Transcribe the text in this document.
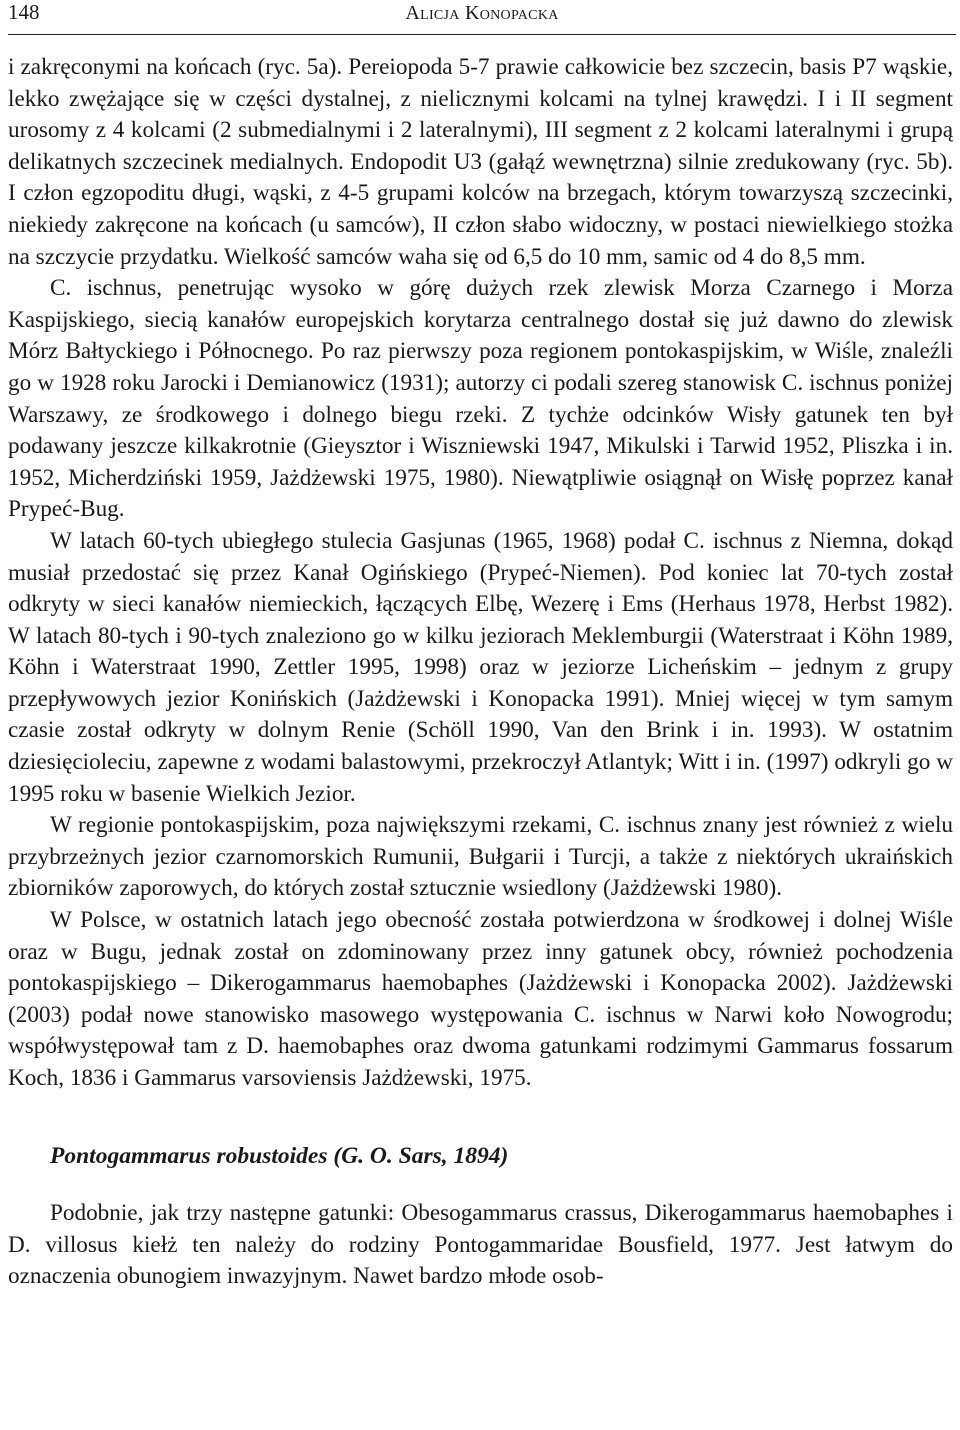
148	Alicja Konopacka

i zakręconymi na końcach (ryc. 5a). Pereiopoda 5-7 prawie całkowicie bez szczecin, basis P7 wąskie, lekko zwężające się w części dystalnej, z nielicznymi kolcami na tylnej krawędzi. I i II segment urosomy z 4 kolcami (2 submedialnymi i 2 lateralnymi), III segment z 2 kolcami lateralnymi i grupą delikatnych szczecinek medialnych. Endopodit U3 (gałąź wewnętrzna) silnie zredukowany (ryc. 5b). I człon egzopoditu długi, wąski, z 4-5 grupami kolców na brzegach, którym towarzyszą szczecinki, niekiedy zakręcone na końcach (u samców), II człon słabo widoczny, w postaci niewielkiego stożka na szczycie przydatku. Wielkość samców waha się od 6,5 do 10 mm, samic od 4 do 8,5 mm.

C. ischnus, penetrując wysoko w górę dużych rzek zlewisk Morza Czarnego i Morza Kaspijskiego, siecią kanałów europejskich korytarza centralnego dostał się już dawno do zlewisk Mórz Bałtyckiego i Północnego. Po raz pierwszy poza regionem pontokaspijskim, w Wiśle, znaleźli go w 1928 roku Jarocki i Demianowicz (1931); autorzy ci podali szereg stanowisk C. ischnus poniżej Warszawy, ze środkowego i dolnego biegu rzeki. Z tychże odcinków Wisły gatunek ten był podawany jeszcze kilkakrotnie (Gieysztor i Wiszniewski 1947, Mikulski i Tarwid 1952, Pliszka i in. 1952, Micherdziński 1959, Jażdżewski 1975, 1980). Niewątpliwie osiągnął on Wisłę poprzez kanał Prypeć-Bug.

W latach 60-tych ubiegłego stulecia Gasjunas (1965, 1968) podał C. ischnus z Niemna, dokąd musiał przedostać się przez Kanał Ogińskiego (Prypeć-Niemen). Pod koniec lat 70-tych został odkryty w sieci kanałów niemieckich, łączących Elbę, Wezerę i Ems (Herhaus 1978, Herbst 1982). W latach 80-tych i 90-tych znaleziono go w kilku jeziorach Meklemburgii (Waterstraat i Köhn 1989, Köhn i Waterstraat 1990, Zettler 1995, 1998) oraz w jeziorze Licheńskim – jednym z grupy przepływowych jezior Konińskich (Jażdżewski i Konopacka 1991). Mniej więcej w tym samym czasie został odkryty w dolnym Renie (Schöll 1990, Van den Brink i in. 1993). W ostatnim dziesięcioleciu, zapewne z wodami balastowymi, przekroczył Atlantyk; Witt i in. (1997) odkryli go w 1995 roku w basenie Wielkich Jezior.

W regionie pontokaspijskim, poza największymi rzekami, C. ischnus znany jest również z wielu przybrzeżnych jezior czarnomorskich Rumunii, Bułgarii i Turcji, a także z niektórych ukraińskich zbiorników zaporowych, do których został sztucznie wsiedlony (Jażdżewski 1980).

W Polsce, w ostatnich latach jego obecność została potwierdzona w środkowej i dolnej Wiśle oraz w Bugu, jednak został on zdominowany przez inny gatunek obcy, również pochodzenia pontokaspijskiego – Dikerogammarus haemobaphes (Jażdżewski i Konopacka 2002). Jażdżewski (2003) podał nowe stanowisko masowego występowania C. ischnus w Narwi koło Nowogrodu; współwystępował tam z D. haemobaphes oraz dwoma gatunkami rodzimymi Gammarus fossarum Koch, 1836 i Gammarus varsoviensis Jażdżewski, 1975.

Pontogammarus robustoides (G. O. Sars, 1894)

Podobnie, jak trzy następne gatunki: Obesogammarus crassus, Dikerogammarus haemobaphes i D. villosus kiełż ten należy do rodziny Pontogammaridae Bousfield, 1977. Jest łatwym do oznaczenia obunogiem inwazyjnym. Nawet bardzo młode osob-
